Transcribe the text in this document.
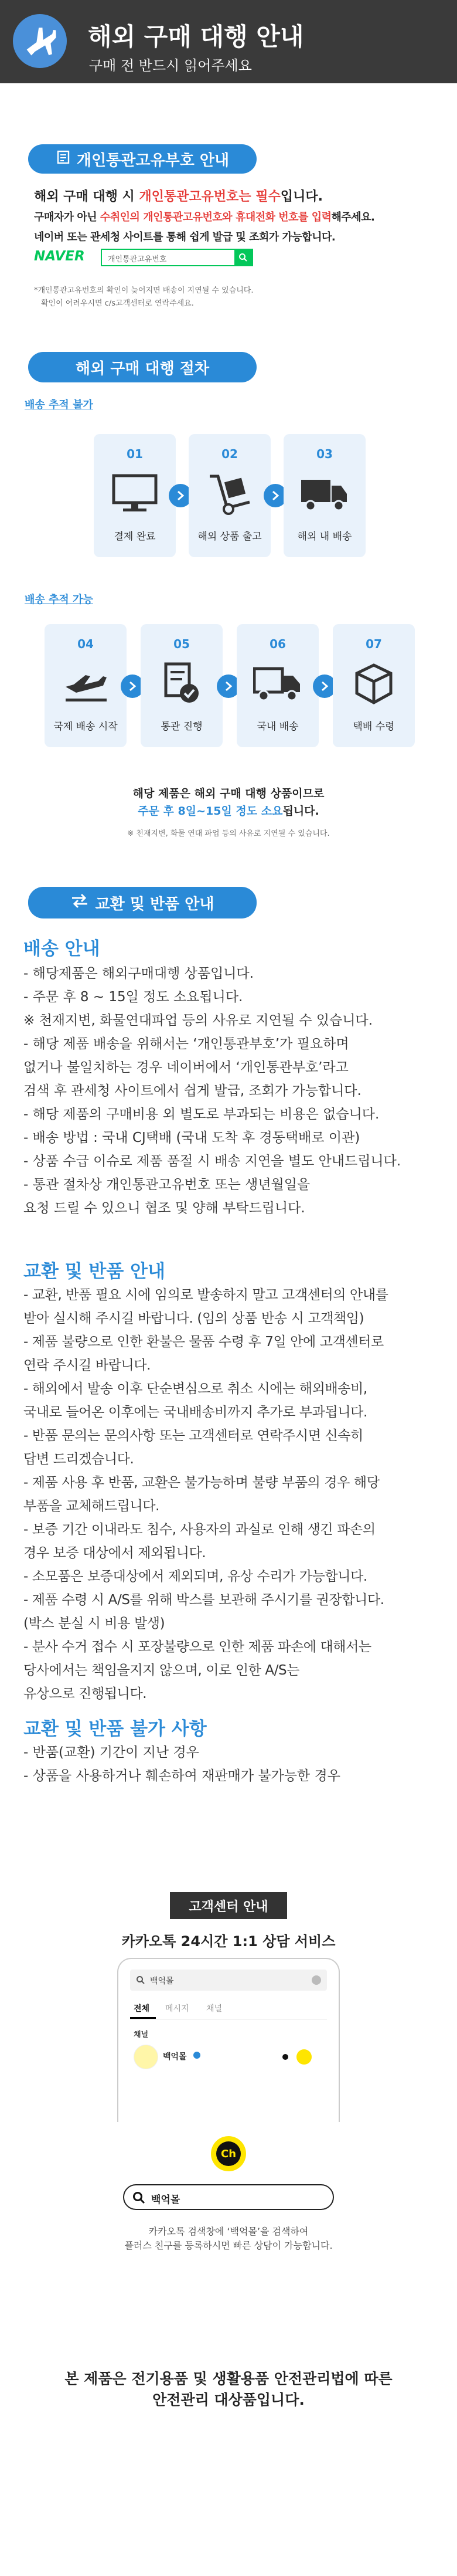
해외 구매 대행 안내
구매 전 반드시 읽어주세요
개인통관고유부호 안내
해외 구매 대행 시 개인통관고유번호는 필수입니다.
구매자가 아닌 수취인의 개인통관고유번호와 휴대전화 번호를 입력해주세요.
네이버 또는 관세청 사이트를 통해 쉽게 발급 및 조회가 가능합니다.
NAVER	개인통관고유번호
*개인통관고유번호의 확인이 늦어지면 배송이 지연될 수 있습니다.
확인이 어려우시면 c/s고객센터로 연락주세요.
해외 구매 대행 절차
배송 추적 불가
01
결제 완료
02
해외 상품 출고
03
해외 내 배송
배송 추적 가능
04
국제 배송 시작
05
통관 진행
06
국내 배송
07
택배 수령
해당 제품은 해외 구매 대행 상품이므로
주문 후 8일~15일 정도 소요됩니다.
※ 천재지변, 화물 연대 파업 등의 사유로 지연될 수 있습니다.
교환 및 반품 안내
배송 안내
- 해당제품은 해외구매대행 상품입니다.
- 주문 후 8 ~ 15일 정도 소요됩니다.
※ 천재지변, 화물연대파업 등의 사유로 지연될 수 있습니다.
- 해당 제품 배송을 위해서는 ‘개인통관부호’가 필요하며
없거나 불일치하는 경우 네이버에서 ‘개인통관부호’라고
검색 후 관세청 사이트에서 쉽게 발급, 조회가 가능합니다.
- 해당 제품의 구매비용 외 별도로 부과되는 비용은 없습니다.
- 배송 방법 : 국내 CJ택배 (국내 도착 후 경동택배로 이관)
- 상품 수급 이슈로 제품 품절 시 배송 지연을 별도 안내드립니다.
- 통관 절차상 개인통관고유번호 또는 생년월일을
요청 드릴 수 있으니 협조 및 양해 부탁드립니다.
교환 및 반품 안내
- 교환, 반품 필요 시에 임의로 발송하지 말고 고객센터의 안내를
받아 실시해 주시길 바랍니다. (임의 상품 반송 시 고객책임)
- 제품 불량으로 인한 환불은 물품 수령 후 7일 안에 고객센터로
연락 주시길 바랍니다.
- 해외에서 발송 이후 단순변심으로 취소 시에는 해외배송비,
국내로 들어온 이후에는 국내배송비까지 추가로 부과됩니다.
- 반품 문의는 문의사항 또는 고객센터로 연락주시면 신속히
답변 드리겠습니다.
- 제품 사용 후 반품, 교환은 불가능하며 불량 부품의 경우 해당
부품을 교체해드립니다.
- 보증 기간 이내라도 침수, 사용자의 과실로 인해 생긴 파손의
경우 보증 대상에서 제외됩니다.
- 소모품은 보증대상에서 제외되며, 유상 수리가 가능합니다.
- 제품 수령 시 A/S를 위해 박스를 보관해 주시기를 권장합니다.
(박스 분실 시 비용 발생)
- 분사 수거 접수 시 포장불량으로 인한 제품 파손에 대해서는
당사에서는 책임을지지 않으며, 이로 인한 A/S는
유상으로 진행됩니다.
교환 및 반품 불가 사항
- 반품(교환) 기간이 지난 경우
- 상품을 사용하거나 훼손하여 재판매가 불가능한 경우
고객센터 안내
카카오톡 24시간 1:1 상담 서비스
백억몰
전체 메시지 채널
채널
백억몰
Ch
백억몰
카카오톡 검색창에 ‘백억몰’을 검색하여
플러스 친구를 등록하시면 빠른 상담이 가능합니다.
본 제품은 전기용품 및 생활용품 안전관리법에 따른
안전관리 대상품입니다.
